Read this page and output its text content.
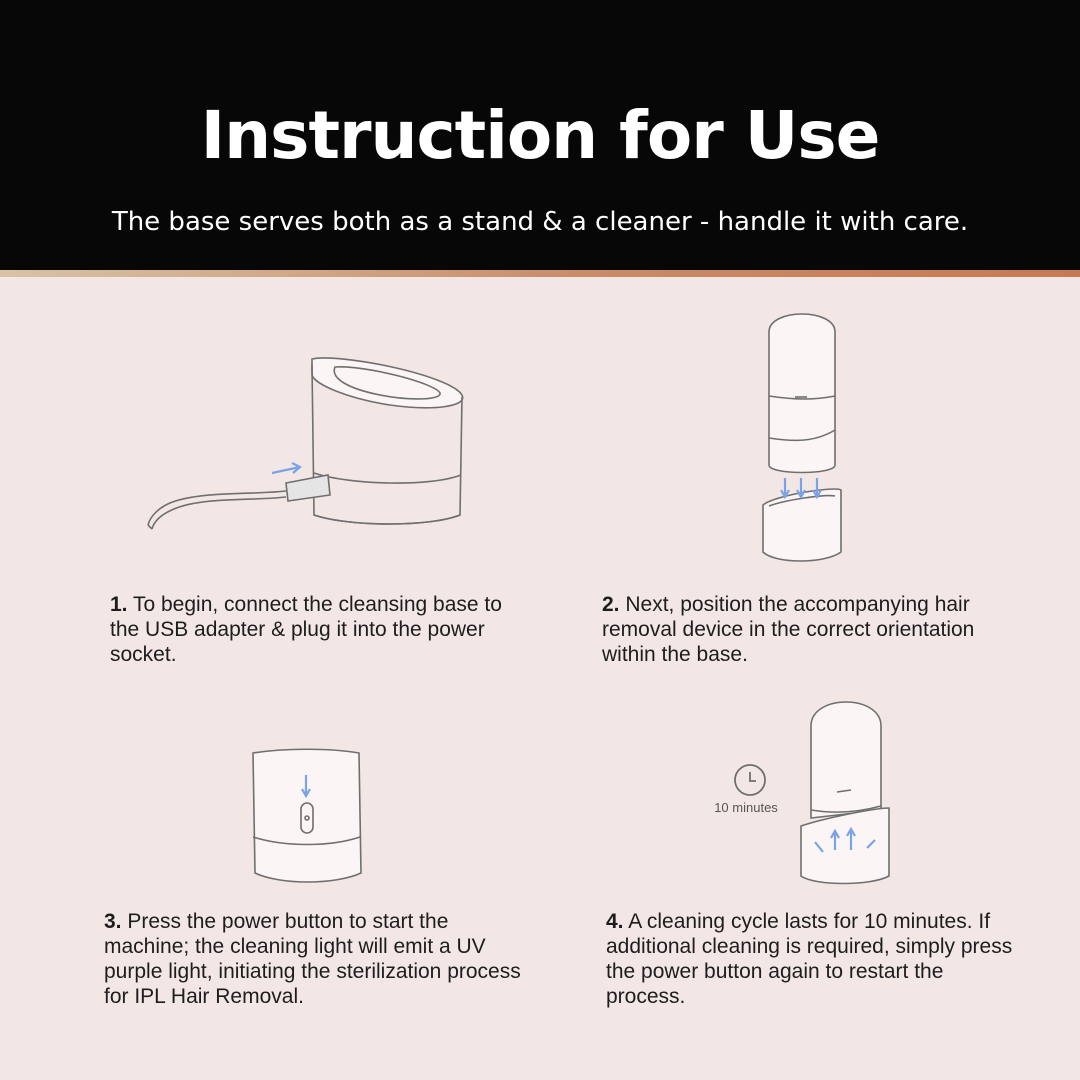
Instruction for Use
The base serves both as a stand & a cleaner - handle it with care.
10 minutes
1. To begin, connect the cleansing base to the USB adapter & plug it into the power socket.
2. Next, position the accompanying hair removal device in the correct orientation within the base.
3. Press the power button to start the machine; the cleaning light will emit a UV purple light, initiating the sterilization process for IPL Hair Removal.
4. A cleaning cycle lasts for 10 minutes. If additional cleaning is required, simply press the power button again to restart the process.
